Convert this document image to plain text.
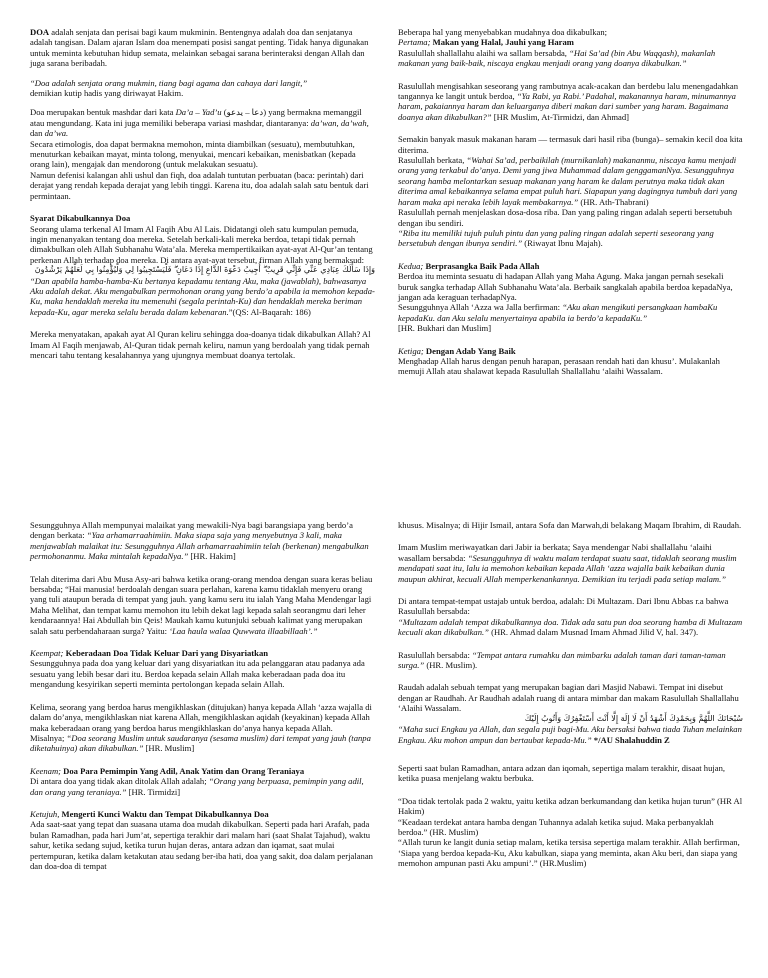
DOA adalah senjata dan perisai bagi kaum mukminin. Bentengnya adalah doa dan senjatanya adalah tangisan. Dalam ajaran Islam doa menempati posisi sangat penting. Tidak hanya digunakan untuk meminta kebutuhan hidup semata, melainkan sebagai sarana berinteraksi dengan Allah dan juga sarana beribadah.

“Doa adalah senjata orang mukmin, tiang bagi agama dan cahaya dari langit,”

demikian kutip hadis yang diriwayat Hakim.

Doa merupakan bentuk mashdar dari kata Da’a – Yad’u (دعا – يدعو) yang bermakna memanggil atau mengundang. Kata ini juga memiliki beberapa variasi mashdar, diantaranya: da’wan, da’wah, dan da’wa.

Secara etimologis, doa dapat bermakna memohon, minta diambilkan (sesuatu), membutuhkan, menuturkan kebaikan mayat, minta tolong, menyukai, mencari kebaikan, menisbatkan (kepada orang lain), mengajak dan mendorong (untuk melakukan sesuatu).

Namun defenisi kalangan ahli ushul dan fiqh, doa adalah tuntutan perbuatan (baca: perintah) dari derajat yang rendah kepada derajat yang lebih tinggi. Karena itu, doa adalah salah satu bentuk dari permintaan.

Syarat Dikabulkannya Doa

Seorang ulama terkenal Al Imam Al Faqih Abu Al Lais. Didatangi oleh satu kumpulan pemuda, ingin menanyakan tentang doa mereka. Setelah berkali-kali mereka berdoa, tetapi tidak pernah dimakbulkan oleh Allah Subhanahu Wata’ala. Mereka mempertikaikan ayat-ayat Al-Qur’an tentang perkenan Allah terhadap doa mereka. Di antara ayat-ayat tersebut, firman Allah yang bermaksud:

وَإِذَا سَأَلَكَ عِبَادِي عَنِّي فَإِنِّي قَرِيبٌ ۖ أُجِيبُ دَعْوَةَ الدَّاعِ إِذَا دَعَانِ ۖ فَلْيَسْتَجِيبُوا لِي وَلْيُؤْمِنُوا بِي لَعَلَّهُمْ يَرْشُدُونَ

“Dan apabila hamba-hamba-Ku bertanya kepadamu tentang Aku, maka (jawablah), bahwasanya Aku adalah dekat. Aku mengabulkan permohonan orang yang berdo’a apabila ia memohon kepada-Ku, maka hendaklah mereka itu memenuhi (segala perintah-Ku) dan hendaklah mereka beriman kepada-Ku, agar mereka selalu berada dalam kebenaran.”(QS: Al-Baqarah: 186)

Mereka menyatakan, apakah ayat Al Quran keliru sehingga doa-doanya tidak dikabulkan Allah? Al Imam Al Faqih menjawab, Al-Quran tidak pernah keliru, namun yang berdoalah yang tidak pernah mencari tahu tentang kesalahannya yang ujungnya membuat doanya tertolak.

Beberapa hal yang menyebabkan mudahnya doa dikabulkan;

Pertama; Makan yang Halal, Jauhi yang Haram

Rasulullah shallallahu alaihi wa sallam bersabda, “Hai Sa’ad (bin Abu Waqqash), makanlah makanan yang baik-baik, niscaya engkau menjadi orang yang doanya dikabulkan.”

Rasulullah mengisahkan seseorang yang rambutnya acak-acakan dan berdebu lalu menengadahkan tangannya ke langit untuk berdoa, “Ya Rabi, ya Rabi.’ Padahal, makanannya haram, minumannya haram, pakaiannya haram dan keluarganya diberi makan dari sumber yang haram. Bagaimana doanya akan dikabulkan?” [HR Muslim, At-Tirmidzi, dan Ahmad]

Semakin banyak masuk makanan haram — termasuk dari hasil riba (bunga)– semakin kecil doa kita diterima.

Rasulullah berkata, “Wahai Sa’ad, perbaikilah (murnikanlah) makananmu, niscaya kamu menjadi orang yang terkabul do’anya. Demi yang jiwa Muhammad dalam genggamanNya. Sesungguhnya seorang hamba melontarkan sesuap makanan yang haram ke dalam perutnya maka tidak akan diterima amal kebaikannya selama empat puluh hari. Siapapun yang dagingnya tumbuh dari yang haram maka api neraka lebih layak membakarnya.” (HR. Ath-Thabrani)

Rasulullah pernah menjelaskan dosa-dosa riba. Dan yang paling ringan adalah seperti bersetubuh dengan ibu sendiri.

“Riba itu memiliki tujuh puluh pintu dan yang paling ringan adalah seperti seseorang yang bersetubuh dengan ibunya sendiri.” (Riwayat Ibnu Majah).

Kedua; Berprasangka Baik Pada Allah

Berdoa itu meminta sesuatu di hadapan Allah yang Maha Agung. Maka jangan pernah sesekali buruk sangka terhadap Allah Subhanahu Wata’ala. Berbaik sangkalah apabila berdoa kepadaNya, jangan ada keraguan terhadapNya.

Sesungguhnya Allah ‘Azza wa Jalla berfirman: “Aku akan mengikuti persangkaan hambaKu kepadaKu. dan Aku selalu menyertainya apabila ia berdo’a kepadaKu.”

[HR. Bukhari dan Muslim]

Ketiga; Dengan Adab Yang Baik

Menghadap Allah harus dengan penuh harapan, perasaan rendah hati dan khusu’. Mulakanlah memuji Allah atau shalawat kepada Rasulullah Shallallahu ‘alaihi Wassalam.

Sesungguhnya Allah mempunyai malaikat yang mewakili-Nya bagi barangsiapa yang berdo’a dengan berkata: “Yaa arhamarraahimiin. Maka siapa saja yang menyebutnya 3 kali, maka menjawablah malaikat itu: Sesungguhnya Allah arhamarraahimiin telah (berkenan) mengabulkan permohonanmu. Maka mintalah kepadaNya.” [HR. Hakim]

Telah diterima dari Abu Musa Asy-ari bahwa ketika orang-orang mendoa dengan suara keras beliau bersabda; “Hai manusia! berdoalah dengan suara perlahan, karena kamu tidaklah menyeru orang yang tuli ataupun berada di tempat yang jauh. yang kamu seru itu ialah Yang Maha Mendengar lagi Maha Melihat, dan tempat kamu memohon itu lebih dekat lagi kepada salah seorangmu dari leher kendaraannya! Hai Abdullah bin Qeis! Maukah kamu kutunjuki sebuah kalimat yang merupakan salah satu perbendaharaan surga? Yaitu: ‘Laa haula walaa Quwwata illaabillaah’.”

Keempat; Keberadaan Doa Tidak Keluar Dari yang Disyariatkan

Sesungguhnya pada doa yang keluar dari yang disyariatkan itu ada pelanggaran atau padanya ada sesuatu yang lebih besar dari itu. Berdoa kepada selain Allah maka keberadaan pada doa itu mengandung kesyirikan seperti meminta pertolongan kepada selain Allah.

Kelima, seorang yang berdoa harus mengikhlaskan (ditujukan) hanya kepada Allah ‘azza wajalla di dalam do’anya, mengikhlaskan niat karena Allah, mengikhlaskan aqidah (keyakinan) kepada Allah maka keberadaan orang yang berdoa harus mengikhlaskan do’anya hanya kepada Allah.

Misalnya; “Doa seorang Muslim untuk saudaranya (sesama muslim) dari tempat yang jauh (tanpa diketahuinya) akan dikabulkan.” [HR. Muslim]

Keenam; Doa Para Pemimpin Yang Adil, Anak Yatim dan Orang Teraniaya

Di antara doa yang tidak akan ditolak Allah adalah; “Orang yang berpuasa, pemimpin yang adil, dan orang yang teraniaya.” [HR. Tirmidzi]

Ketujuh, Mengerti Kunci Waktu dan Tempat Dikabulkannya Doa

Ada saat-saat yang tepat dan suasana utama doa mudah dikabulkan. Seperti pada hari Arafah, pada bulan Ramadhan, pada hari Jum’at, sepertiga terakhir dari malam hari (saat Shalat Tajahud), waktu sahur, ketika sedang sujud, ketika turun hujan deras, antara adzan dan iqamat, saat mulai pertempuran, ketika dalam ketakutan atau sedang ber-iba hati, doa yang sakit, doa dalam perjalanan dan doa-doa di tempat

khusus. Misalnya; di Hijir Ismail, antara Sofa dan Marwah,di belakang Maqam Ibrahim, di Raudah.

Imam Muslim meriwayatkan dari Jabir ia berkata; Saya mendengar Nabi shallallahu ‘alaihi wasallam bersabda: “Sesungguhnya di waktu malam terdapat suatu saat, tidaklah seorang muslim mendapati saat itu, lalu ia memohon kebaikan kepada Allah ‘azza wajalla baik kebaikan dunia maupun akhirat, kecuali Allah memperkenankannya. Demikian itu terjadi pada setiap malam.”

Di antara tempat-tempat ustajab untuk berdoa, adalah: Di Multazam. Dari Ibnu Abbas r.a bahwa Rasulullah bersabda:

“Multazam adalah tempat dikabulkannya doa. Tidak ada satu pun doa seorang hamba di Multazam kecuali akan dikabulkan.” (HR. Ahmad dalam Musnad Imam Ahmad Jilid V, hal. 347).

Rasulullah bersabda: “Tempat antara rumahku dan mimbarku adalah taman dari taman-taman surga.” (HR. Muslim).

Raudah adalah sebuah tempat yang merupakan bagian dari Masjid Nabawi. Tempat ini disebut dengan ar Raudhah. Ar Raudhah adalah ruang di antara mimbar dan makam Rasulullah Shallallahu ‘Alaihi Wassalam.

سُبْحَانَكَ اللَّهُمَّ وَبِحَمْدِكَ أَشْهَدُ أَنْ لَا إِلَهَ إِلَّا أَنْتَ أَسْتَغْفِرُكَ وَأَتُوبُ إِلَيْكَ

“Maha suci Engkau ya Allah, dan segala puji bagi-Mu. Aku bersaksi bahwa tiada Tuhan melainkan Engkau. Aku mohon ampun dan bertaubat kepada-Mu.” */AU Shalahuddin Z

Seperti saat bulan Ramadhan, antara adzan dan iqomah, sepertiga malam terakhir, disaat hujan, ketika puasa menjelang waktu berbuka.

“Doa tidak tertolak pada 2 waktu, yaitu ketika adzan berkumandang dan ketika hujan turun” (HR Al Hakim)

“Keadaan terdekat antara hamba dengan Tuhannya adalah ketika sujud. Maka perbanyaklah berdoa.” (HR. Muslim)

“Allah turun ke langit dunia setiap malam, ketika tersisa sepertiga malam terakhir. Allah berfirman, ‘Siapa yang berdoa kepada-Ku, Aku kabulkan, siapa yang meminta, akan Aku beri, dan siapa yang memohon ampunan pasti Aku ampuni’.” (HR.Muslim)
